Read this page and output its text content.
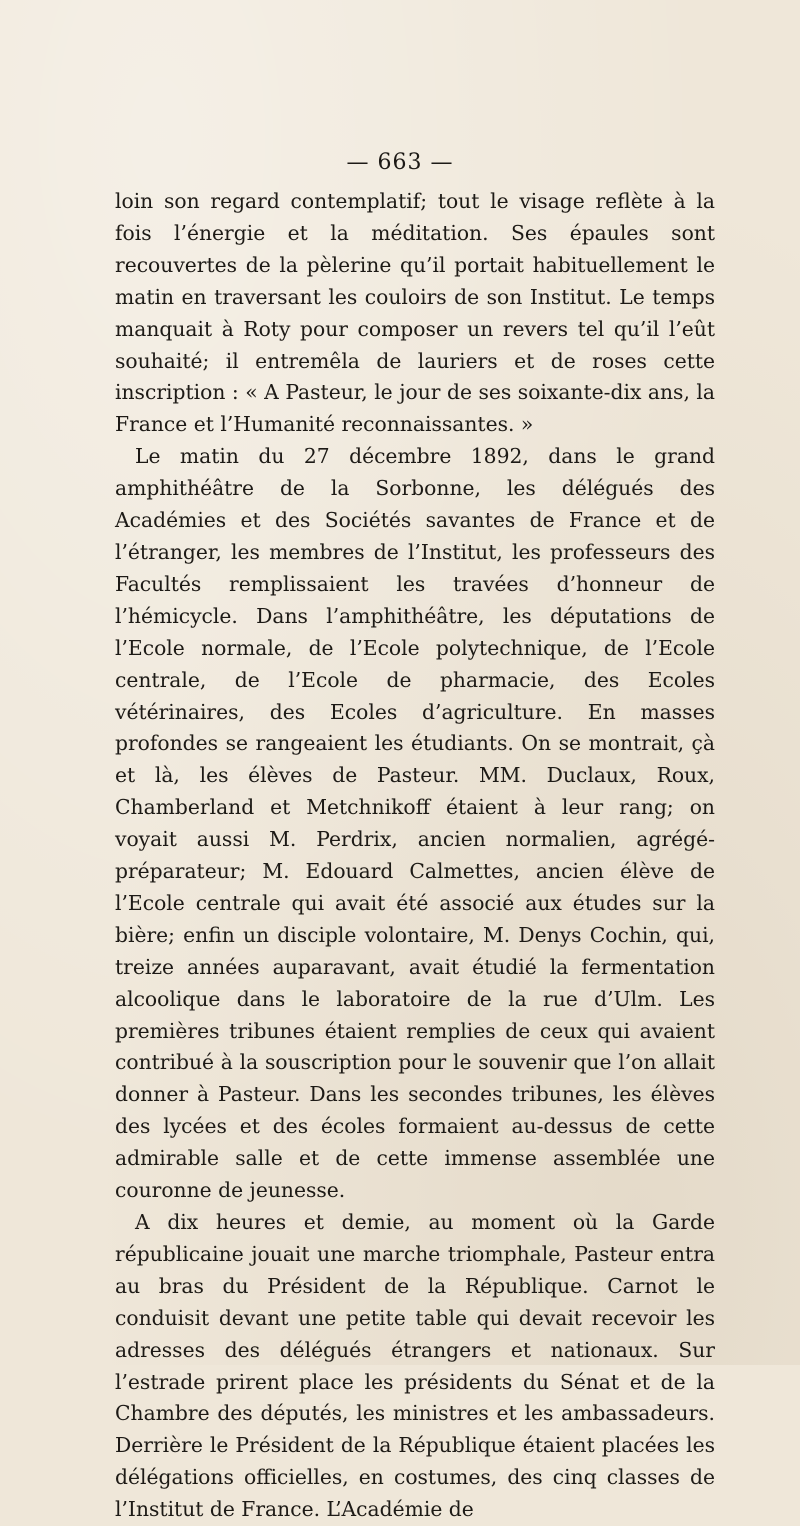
— 663 —

loin son regard contemplatif; tout le visage reflète à la fois l’énergie et la méditation. Ses épaules sont recouvertes de la pèlerine qu’il portait habituellement le matin en traversant les couloirs de son Institut. Le temps manquait à Roty pour composer un revers tel qu’il l’eût souhaité; il entremêla de lauriers et de roses cette inscription : « A Pasteur, le jour de ses soixante-dix ans, la France et l’Humanité reconnaissantes. »

Le matin du 27 décembre 1892, dans le grand amphithéâtre de la Sorbonne, les délégués des Académies et des Sociétés savantes de France et de l’étranger, les membres de l’Institut, les professeurs des Facultés remplissaient les travées d’honneur de l’hémicycle. Dans l’amphithéâtre, les députations de l’Ecole normale, de l’Ecole polytechnique, de l’Ecole centrale, de l’Ecole de pharmacie, des Ecoles vétérinaires, des Ecoles d’agriculture. En masses profondes se rangeaient les étudiants. On se montrait, çà et là, les élèves de Pasteur. MM. Duclaux, Roux, Chamberland et Metchnikoff étaient à leur rang; on voyait aussi M. Perdrix, ancien normalien, agrégé-préparateur; M. Edouard Calmettes, ancien élève de l’Ecole centrale qui avait été associé aux études sur la bière; enfin un disciple volontaire, M. Denys Cochin, qui, treize années auparavant, avait étudié la fermentation alcoolique dans le laboratoire de la rue d’Ulm. Les premières tribunes étaient remplies de ceux qui avaient contribué à la souscription pour le souvenir que l’on allait donner à Pasteur. Dans les secondes tribunes, les élèves des lycées et des écoles formaient au-dessus de cette admirable salle et de cette immense assemblée une couronne de jeunesse.

A dix heures et demie, au moment où la Garde républicaine jouait une marche triomphale, Pasteur entra au bras du Président de la République. Carnot le conduisit devant une petite table qui devait recevoir les adresses des délégués étrangers et nationaux. Sur l’estrade prirent place les présidents du Sénat et de la Chambre des députés, les ministres et les ambassadeurs. Derrière le Président de la République étaient placées les délégations officielles, en costumes, des cinq classes de l’Institut de France. L’Académie de
